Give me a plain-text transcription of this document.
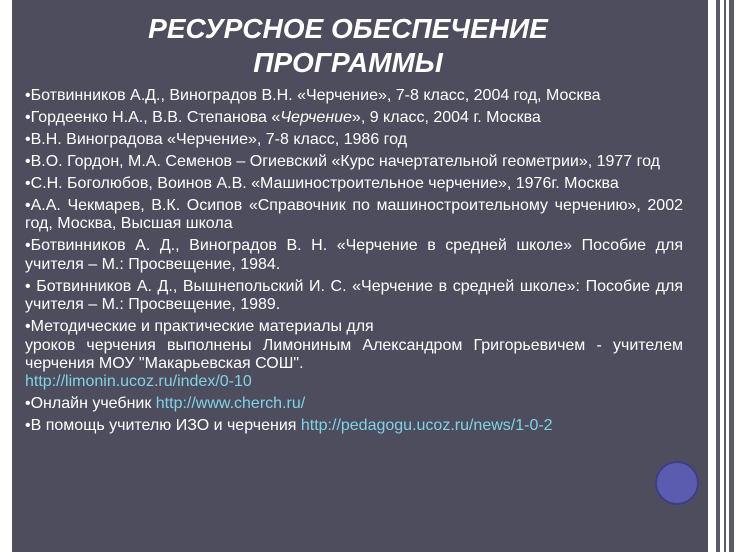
РЕСУРСНОЕ ОБЕСПЕЧЕНИЕ
ПРОГРАММЫ
•Ботвинников А.Д., Виноградов В.Н. «Черчение», 7-8 класс, 2004 год, Москва
•Гордеенко Н.А., В.В. Степанова «Черчение», 9 класс, 2004 г. Москва
•В.Н. Виноградова «Черчение», 7-8 класс, 1986 год
•В.О. Гордон, М.А. Семенов – Огиевский «Курс начертательной геометрии», 1977 год
•С.Н. Боголюбов, Воинов А.В. «Машиностроительное черчение», 1976г. Москва
•А.А. Чекмарев, В.К. Осипов «Справочник по машиностроительному черчению», 2002 год, Москва, Высшая школа
•Ботвинников А. Д., Виноградов В. Н. «Черчение в средней школе» Пособие для учителя – М.: Просвещение, 1984.
• Ботвинников А. Д., Вышнепольский И. С. «Черчение в средней школе»: Пособие для учителя – М.: Просвещение, 1989.
•Методические и практические материалы для
уроков черчения выполнены Лимониным Александром Григорьевичем - учителем черчения МОУ "Макарьевская СОШ".
http://limonin.ucoz.ru/index/0-10
•Онлайн учебник http://www.cherch.ru/
•В помощь учителю ИЗО и черчения http://pedagogu.ucoz.ru/news/1-0-2
